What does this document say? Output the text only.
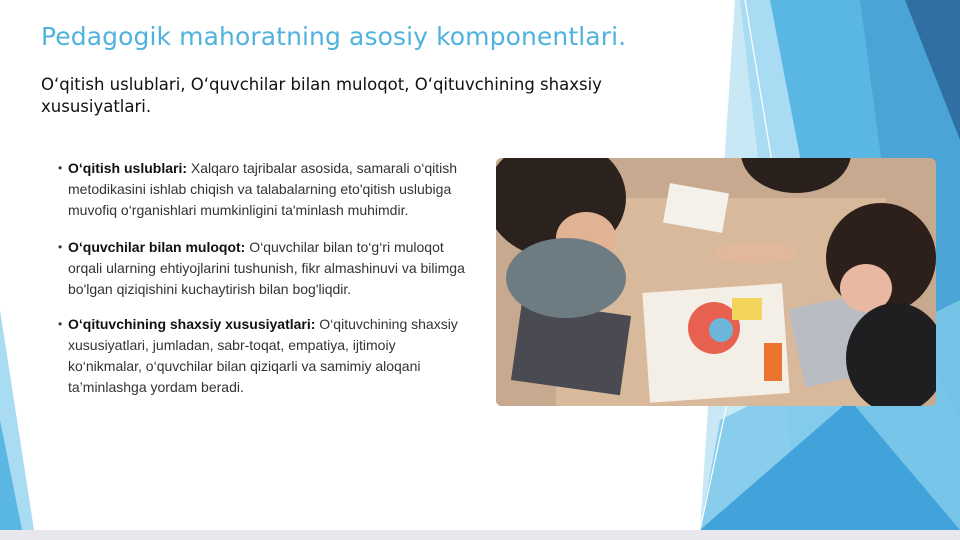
Pedagogik mahoratning asosiy komponentlari.
O‘qitish uslublari, O‘quvchilar bilan muloqot, O‘qituvchining shaxsiy xususiyatlari.
• O‘qitish uslublari: Xalqaro tajribalar asosida, samarali o‘qitish metodikasini ishlab chiqish va talabalarning eto'qitish uslubiga muvofiq o‘rganishlari mumkinligini ta'minlash muhimdir.
• O‘quvchilar bilan muloqot: O‘quvchilar bilan to‘g‘ri muloqot orqali ularning ehtiyojlarini tushunish, fikr almashinuvi va bilimga bo'lgan qiziqishini kuchaytirish bilan bog'liqdir.
• O‘qituvchining shaxsiy xususiyatlari: O‘qituvchining shaxsiy xususiyatlari, jumladan, sabr-toqat, empatiya, ijtimoiy ko‘nikmalar, o‘quvchilar bilan qiziqarli va samimiy aloqani ta’minlashga yordam beradi.
